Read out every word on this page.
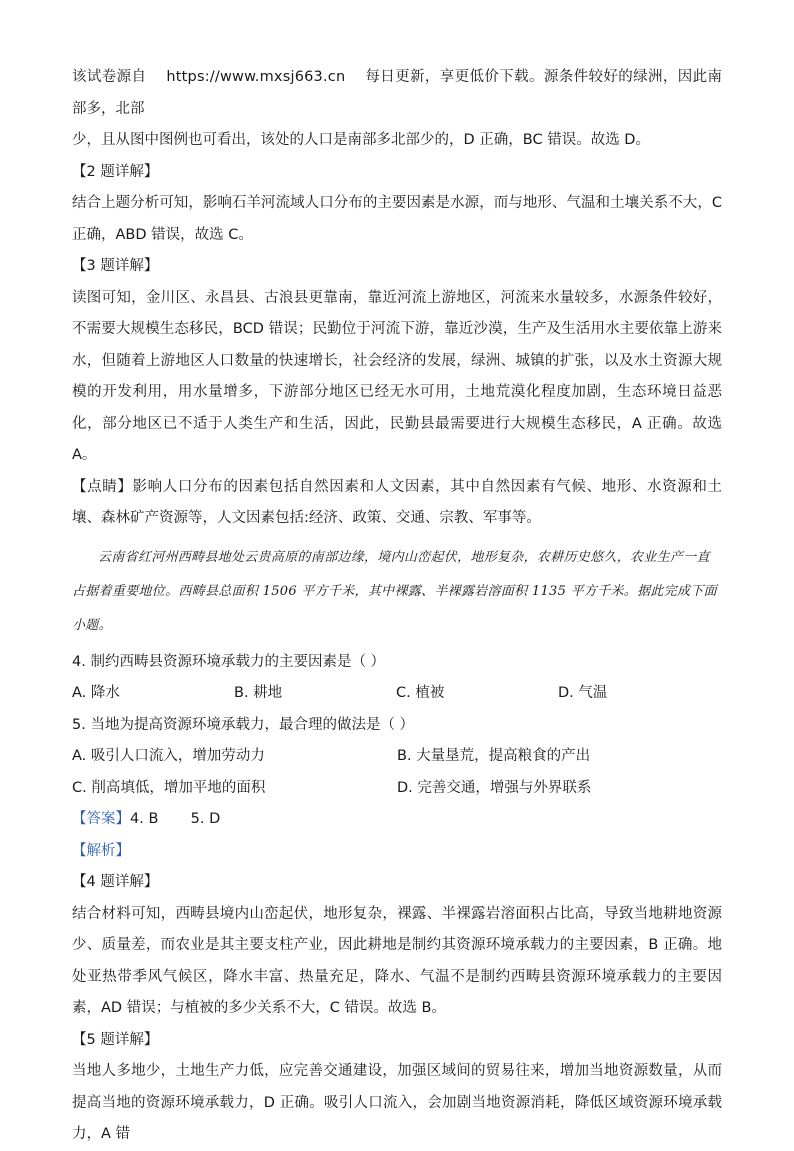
该试卷源自 https://www.mxsj663.cn 每日更新，享更低价下载。源条件较好的绿洲，因此南部多，北部

少，且从图中图例也可看出，该处的人口是南部多北部少的，D 正确，BC 错误。故选 D。

【2 题详解】

结合上题分析可知，影响石羊河流域人口分布的主要因素是水源，而与地形、气温和土壤关系不大，C 正确，ABD 错误，故选 C。

【3 题详解】

读图可知，金川区、永昌县、古浪县更靠南，靠近河流上游地区，河流来水量较多，水源条件较好，不需要大规模生态移民，BCD 错误；民勤位于河流下游，靠近沙漠，生产及生活用水主要依靠上游来水，但随着上游地区人口数量的快速增长，社会经济的发展，绿洲、城镇的扩张，以及水土资源大规模的开发利用，用水量增多，下游部分地区已经无水可用，土地荒漠化程度加剧，生态环境日益恶化，部分地区已不适于人类生产和生活，因此，民勤县最需要进行大规模生态移民，A 正确。故选 A。

【点睛】影响人口分布的因素包括自然因素和人文因素，其中自然因素有气候、地形、水资源和土壤、森林矿产资源等，人文因素包括:经济、政策、交通、宗教、军事等。

云南省红河州西畴县地处云贵高原的南部边缘，境内山峦起伏，地形复杂，农耕历史悠久，农业生产一直占据着重要地位。西畴县总面积 1506 平方千米，其中裸露、半裸露岩溶面积 1135 平方千米。据此完成下面小题。

4. 制约西畴县资源环境承载力的主要因素是（ ）

A. 降水	B. 耕地	C. 植被	D. 气温

5. 当地为提高资源环境承载力，最合理的做法是（ ）

A. 吸引人口流入，增加劳动力	B. 大量垦荒，提高粮食的产出
C. 削高填低，增加平地的面积	D. 完善交通，增强与外界联系

【答案】4. B       5. D

【解析】

【4 题详解】

结合材料可知，西畴县境内山峦起伏，地形复杂，裸露、半裸露岩溶面积占比高，导致当地耕地资源少、质量差，而农业是其主要支柱产业，因此耕地是制约其资源环境承载力的主要因素，B 正确。地处亚热带季风气候区，降水丰富、热量充足，降水、气温不是制约西畴县资源环境承载力的主要因素，AD 错误；与植被的多少关系不大，C 错误。故选 B。

【5 题详解】

当地人多地少，土地生产力低，应完善交通建设，加强区域间的贸易往来，增加当地资源数量，从而提高当地的资源环境承载力，D 正确。吸引人口流入，会加剧当地资源消耗，降低区域资源环境承载力，A 错
